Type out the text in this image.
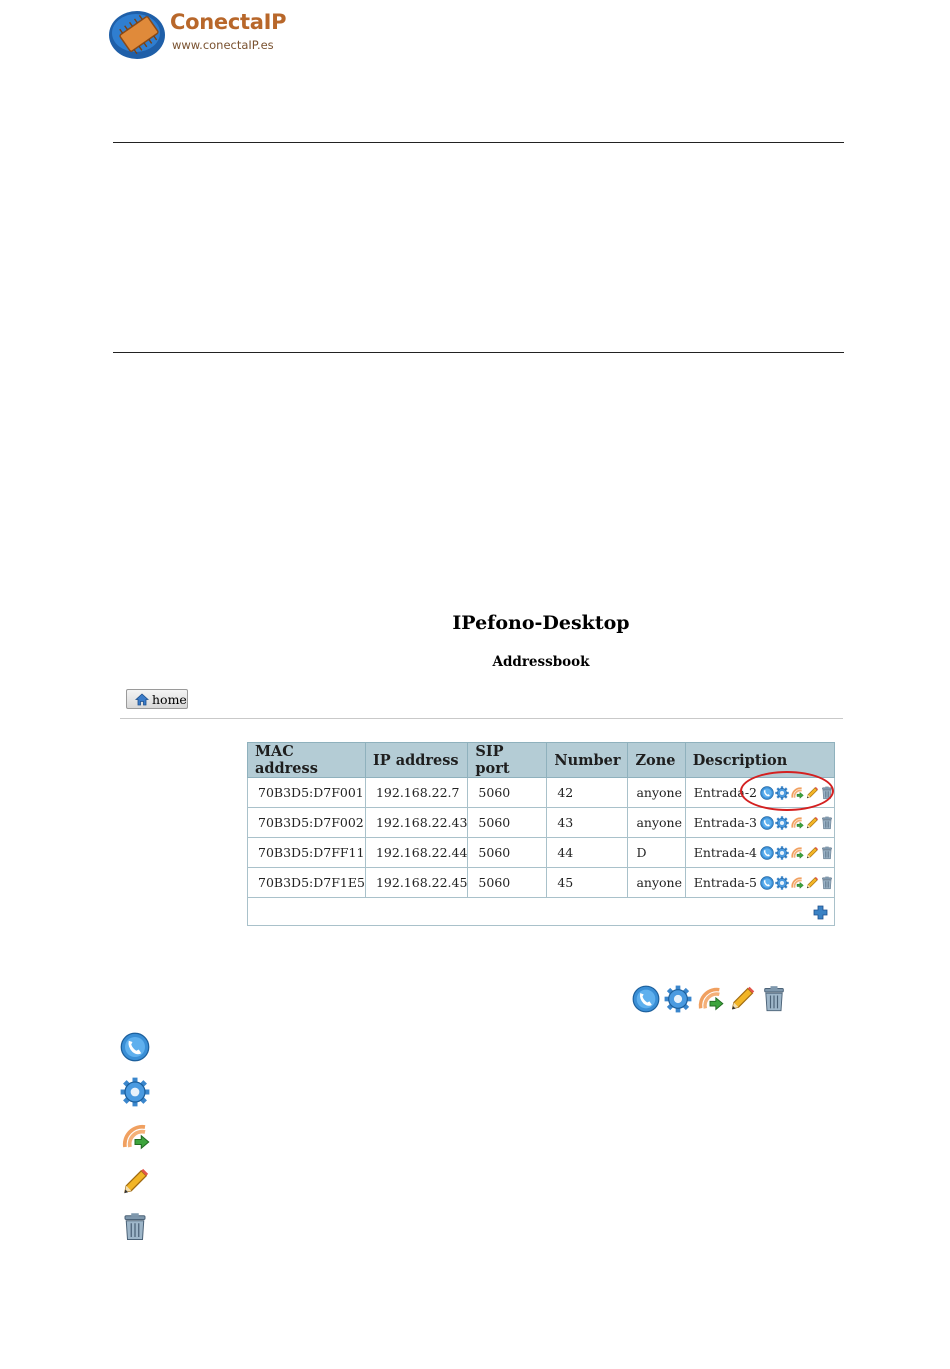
ConectaIP
www.conectaIP.es
IPefono-Desktop
Addressbook
home
MAC address	IP address	SIP port	Number	Zone	Description
70B3D5:D7F001	192.168.22.7	5060	42	anyone	Entrada-2

70B3D5:D7F002	192.168.22.43	5060	43	anyone	Entrada-3

70B3D5:D7FF11	192.168.22.44	5060	44	D	Entrada-4

70B3D5:D7F1E5	192.168.22.45	5060	45	anyone	Entrada-5
